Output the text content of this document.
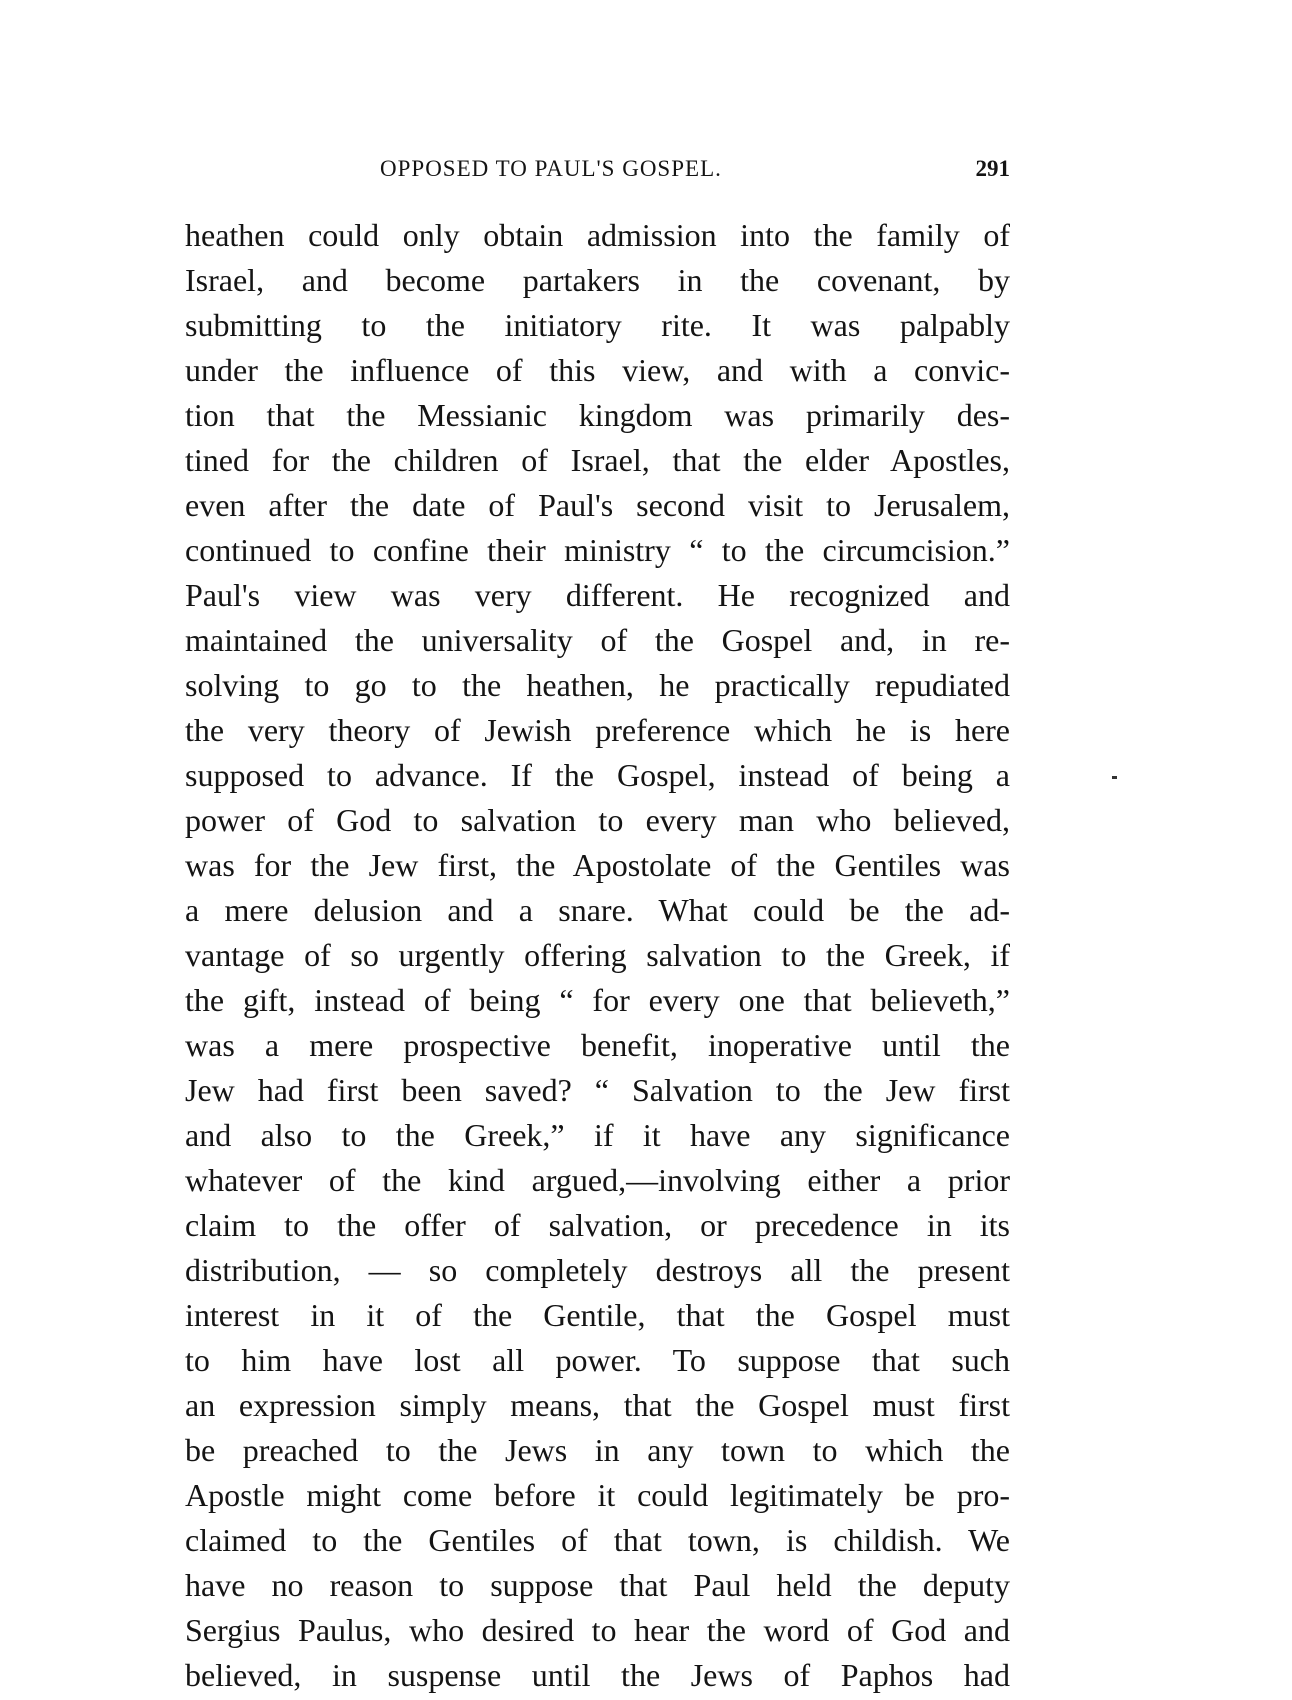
OPPOSED TO PAUL'S GOSPEL.	291
heathen could only obtain admission into the family of
Israel, and become partakers in the covenant, by
submitting to the initiatory rite. It was palpably
under the influence of this view, and with a convic-
tion that the Messianic kingdom was primarily des-
tined for the children of Israel, that the elder Apostles,
even after the date of Paul's second visit to Jerusalem,
continued to confine their ministry “ to the circumcision.”
Paul's view was very different. He recognized and
maintained the universality of the Gospel and, in re-
solving to go to the heathen, he practically repudiated
the very theory of Jewish preference which he is here
supposed to advance. If the Gospel, instead of being a
power of God to salvation to every man who believed,
was for the Jew first, the Apostolate of the Gentiles was
a mere delusion and a snare. What could be the ad-
vantage of so urgently offering salvation to the Greek, if
the gift, instead of being “ for every one that believeth,”
was a mere prospective benefit, inoperative until the
Jew had first been saved? “ Salvation to the Jew first
and also to the Greek,” if it have any significance
whatever of the kind argued,—involving either a prior
claim to the offer of salvation, or precedence in its
distribution, — so completely destroys all the present
interest in it of the Gentile, that the Gospel must
to him have lost all power. To suppose that such
an expression simply means, that the Gospel must first
be preached to the Jews in any town to which the
Apostle might come before it could legitimately be pro-
claimed to the Gentiles of that town, is childish. We
have no reason to suppose that Paul held the deputy
Sergius Paulus, who desired to hear the word of God and
believed, in suspense until the Jews of Paphos had
